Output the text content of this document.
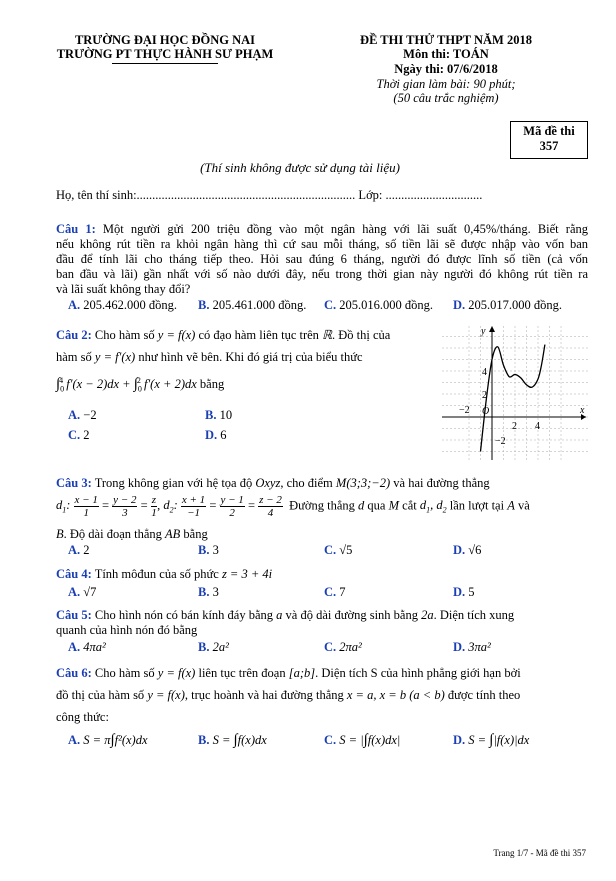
TRƯỜNG ĐẠI HỌC ĐỒNG NAI
TRƯỜNG PT THỰC HÀNH SƯ PHẠM
ĐỀ THI THỬ THPT NĂM 2018
Môn thi: TOÁN
Ngày thi: 07/6/2018
Thời gian làm bài: 90 phút;
(50 câu trắc nghiệm)
Mã đề thi
357
(Thí sinh không được sử dụng tài liệu)
Họ, tên thí sinh:...................................................................... Lớp: ...............................
Câu 1: Một người gửi 200 triệu đồng vào một ngân hàng với lãi suất 0,45%/tháng. Biết rằng
nếu không rút tiền ra khỏi ngân hàng thì cứ sau mỗi tháng, số tiền lãi sẽ được nhập vào vốn ban
đầu để tính lãi cho tháng tiếp theo. Hỏi sau đúng 6 tháng, người đó được lĩnh số tiền (cả vốn
ban đầu và lãi) gần nhất với số nào dưới đây, nếu trong thời gian này người đó không rút tiền ra
và lãi suất không thay đổi?
A. 205.462.000 đồng. B. 205.461.000 đồng. C. 205.016.000 đồng. D. 205.017.000 đồng.
Câu 2: Cho hàm số y = f(x) có đạo hàm liên tục trên ℝ. Đồ thị của
hàm số y = f′(x) như hình vẽ bên. Khi đó giá trị của biểu thức
$\int_0^4$ $f'(x - 2)dx + \int_0^2$ f′(x + 2)dx bằng
A. −2	B. 10
C. 2	D. 6
x
y
O
−2
2 4
4
2
−2
Câu 3: Trong không gian với hệ tọa độ Oxyz, cho điểm M(3;3;−2) và hai đường thẳng
$d_1$: $\frac{x - 1}{1} = \frac{y - 2}{3} = \frac{z}{1}$ , $d_2$: $\frac{x + 1}{-1} = \frac{y - 1}{2} = \frac{z - 2}{4}$ Đường thẳng d qua M cắt $d_1$, $d_2$ lần lượt tại A và
B. Độ dài đoạn thẳng AB bằng
A. 2	B. 3	C. √5	D. √6
Câu 4: Tính môđun của số phức z = 3 + 4i
A. √7	B. 3	C. 7	D. 5
Câu 5: Cho hình nón có bán kính đáy bằng a và độ dài đường sinh bằng 2a. Diện tích xung
quanh của hình nón đó bằng
A. 4πa²	B. 2a²	C. 2πa²	D. 3πa²
Câu 6: Cho hàm số y = f(x) liên tục trên đoạn [a;b]. Diện tích S của hình phẳng giới hạn bởi
đồ thị của hàm số y = f(x), trục hoành và hai đường thẳng x = a, x = b (a < b) được tính theo
công thức:
A. S = π∫f²(x)dx	B. S = ∫f(x)dx	C. S = |∫f(x)dx|	D. S = ∫|f(x)|dx
Trang 1/7 - Mã đề thi 357
